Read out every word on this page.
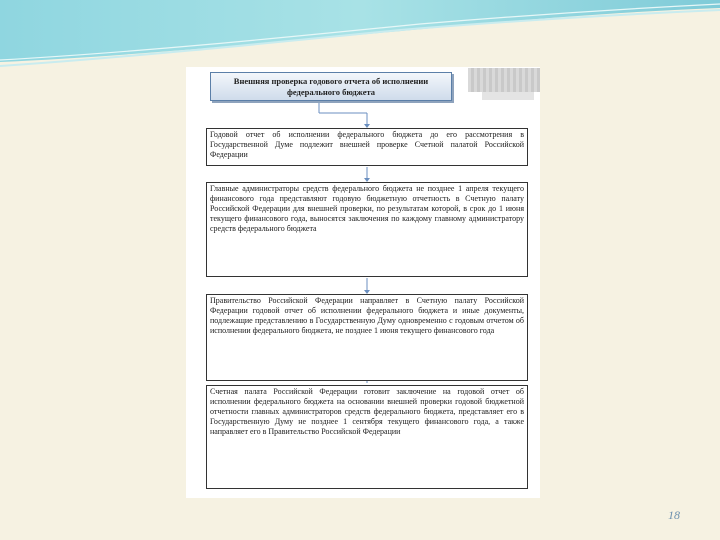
Внешняя проверка годового отчета об исполнении федерального бюджета
Годовой отчет об исполнении федерального бюджета до его рассмотрения в Государственной Думе подлежит внешней проверке Счетной палатой Российской Федерации
Главные администраторы средств федерального бюджета не позднее 1 апреля текущего финансового года представляют годовую бюджетную отчетность в Счетную палату Российской Федерации для внешней проверки, по результатам которой, в срок до 1 июня текущего финансового года, выносятся заключения по каждому главному администратору средств федерального бюджета
Правительство Российской Федерации направляет в Счетную палату Российской Федерации годовой отчет об исполнении федерального бюджета и иные документы, подлежащие представлению в Государственную Думу одновременно с годовым отчетом об исполнении федерального бюджета, не позднее 1 июня текущего финансового года
Счетная палата Российской Федерации готовит заключение на годовой отчет об исполнении федерального бюджета на основании внешней проверки годовой бюджетной отчетности главных администраторов средств федерального бюджета, представляет его в Государственную Думу не позднее 1 сентября текущего финансового года, а также направляет его в Правительство Российской Федерации
18
